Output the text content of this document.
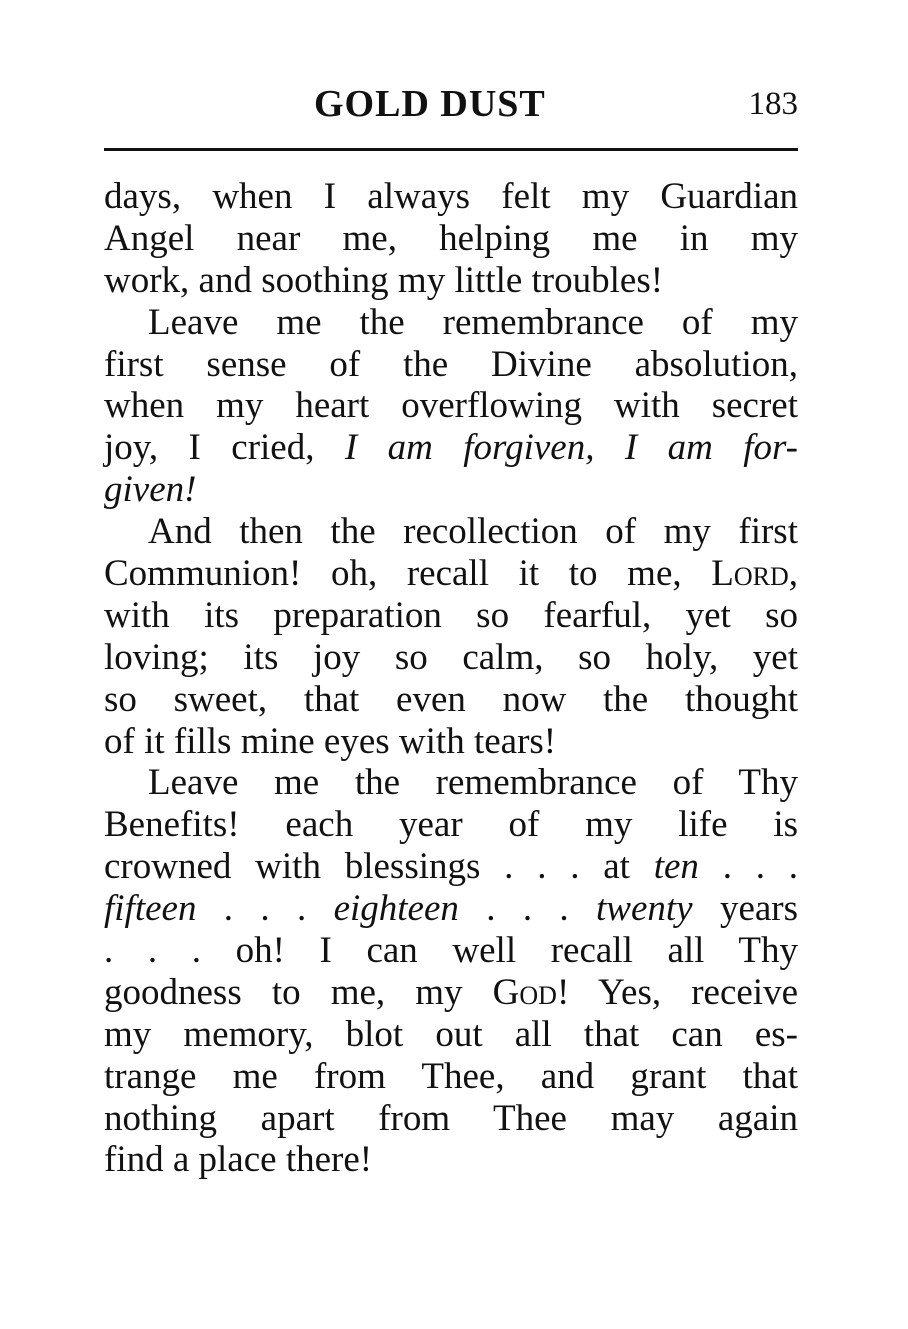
GOLD DUST	183
days, when I always felt my Guardian
Angel near me, helping me in my
work, and soothing my little troubles!
Leave me the remembrance of my
first sense of the Divine absolution,
when my heart overflowing with secret
joy, I cried, I am forgiven, I am for-
given!
And then the recollection of my first
Communion! oh, recall it to me, Lord,
with its preparation so fearful, yet so
loving; its joy so calm, so holy, yet
so sweet, that even now the thought
of it fills mine eyes with tears!
Leave me the remembrance of Thy
Benefits! each year of my life is
crowned with blessings . . . at ten . . .
fifteen . . . eighteen . . . twenty years
. . . oh! I can well recall all Thy
goodness to me, my God! Yes, receive
my memory, blot out all that can es-
trange me from Thee, and grant that
nothing apart from Thee may again
find a place there!
